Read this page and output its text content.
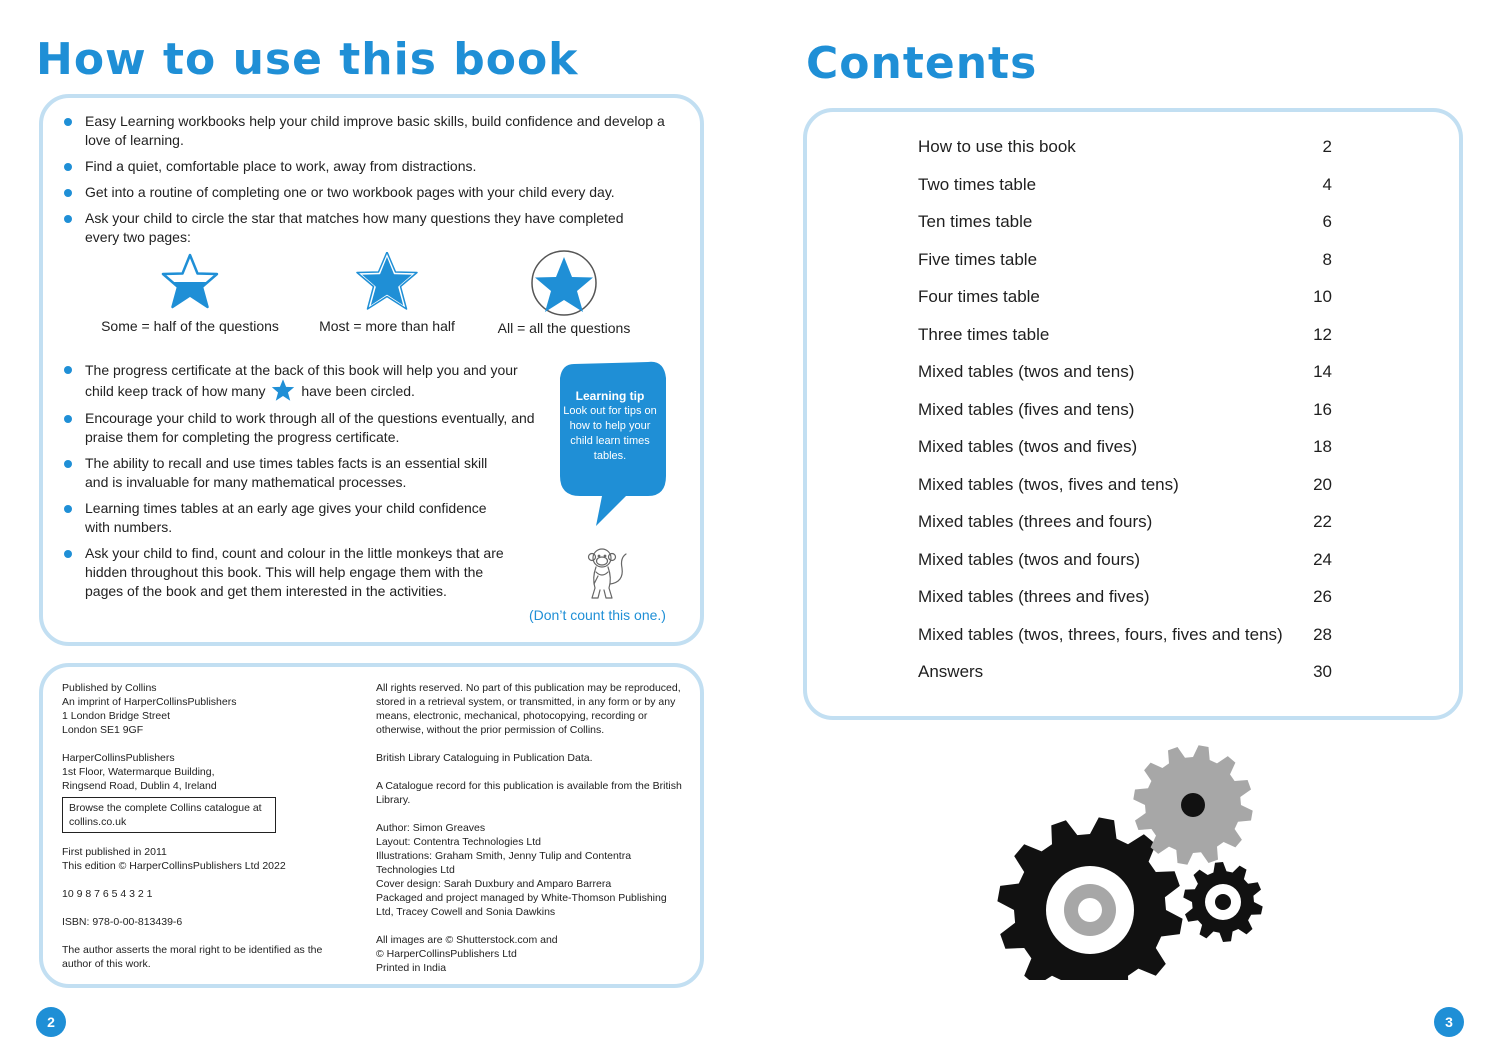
How to use this book
Easy Learning workbooks help your child improve basic skills, build confidence and develop a love of learning.
Find a quiet, comfortable place to work, away from distractions.
Get into a routine of completing one or two workbook pages with your child every day.
Ask your child to circle the star that matches how many questions they have completed every two pages:
Some = half of the questions	Most = more than half	All = all the questions
The progress certificate at the back of this book will help you and your child keep track of how many	have been circled.
Encourage your child to work through all of the questions eventually, and praise them for completing the progress certificate.
The ability to recall and use times tables facts is an essential skill and is invaluable for many mathematical processes.
Learning times tables at an early age gives your child confidence with numbers.
Ask your child to find, count and colour in the little monkeys that are hidden throughout this book. This will help engage them with the pages of the book and get them interested in the activities.
Learning tip
Look out for tips on how to help your child learn times tables.
(Don’t count this one.)

Published by Collins
An imprint of HarperCollinsPublishers
1 London Bridge Street
London SE1 9GF

HarperCollinsPublishers
1st Floor, Watermarque Building,
Ringsend Road, Dublin 4, Ireland

Browse the complete Collins catalogue at collins.co.uk

First published in 2011
This edition © HarperCollinsPublishers Ltd 2022

10 9 8 7 6 5 4 3 2 1

ISBN: 978-0-00-813439-6

The author asserts the moral right to be identified as the author of this work.

All rights reserved. No part of this publication may be reproduced, stored in a retrieval system, or transmitted, in any form or by any means, electronic, mechanical, photocopying, recording or otherwise, without the prior permission of Collins.

British Library Cataloguing in Publication Data.

A Catalogue record for this publication is available from the British Library.

Author: Simon Greaves
Layout: Contentra Technologies Ltd
Illustrations: Graham Smith, Jenny Tulip and Contentra Technologies Ltd
Cover design: Sarah Duxbury and Amparo Barrera
Packaged and project managed by White-Thomson Publishing Ltd, Tracey Cowell and Sonia Dawkins

All images are © Shutterstock.com and
© HarperCollinsPublishers Ltd
Printed in India

2
Contents
How to use this book	2
Two times table	4
Ten times table	6
Five times table	8
Four times table	10
Three times table	12
Mixed tables (twos and tens)	14
Mixed tables (fives and tens)	16
Mixed tables (twos and fives)	18
Mixed tables (twos, fives and tens)	20
Mixed tables (threes and fours)	22
Mixed tables (twos and fours)	24
Mixed tables (threes and fives)	26
Mixed tables (twos, threes, fours, fives and tens) 28
Answers	30
3
